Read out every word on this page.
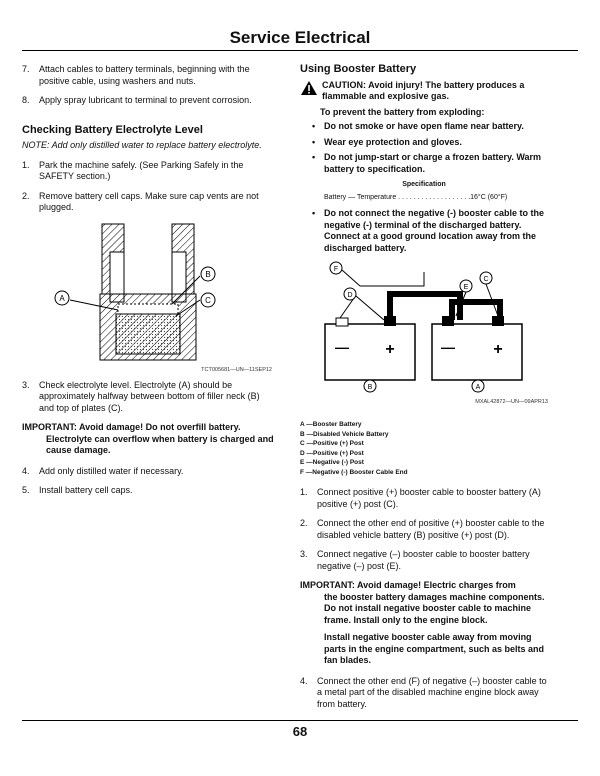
Service Electrical
7.	Attach cables to battery terminals, beginning with the positive cable, using washers and nuts.
8.	Apply spray lubricant to terminal to prevent corrosion.
Checking Battery Electrolyte Level
NOTE: Add only distilled water to replace battery electrolyte.
1.	Park the machine safely. (See Parking Safely in the SAFETY section.)
2.	Remove battery cell caps. Make sure cap vents are not plugged.
A
B
C
TCT005681—UN—11SEP12
3.	Check electrolyte level. Electrolyte (A) should be approximately halfway between bottom of filler neck (B) and top of plates (C).
IMPORTANT: Avoid damage! Do not overfill battery.
Electrolyte can overflow when battery is charged and cause damage.
4.	Add only distilled water if necessary.
5.	Install battery cell caps.
Using Booster Battery
CAUTION: Avoid injury! The battery produces a
flammable and explosive gas.
To prevent the battery from exploding:
• Do not smoke or have open flame near battery.
• Wear eye protection and gloves.
• Do not jump-start or charge a frozen battery. Warm battery to specification.
Specification
Battery — Temperature . . . . . . . . . . . . . . . . . . .16°C (60°F)
• Do not connect the negative (-) booster cable to the negative (-) terminal of the discharged battery. Connect at a good ground location away from the discharged battery.
— +	— +
F
D
E
C
B	A
MXAL42872—UN—09APR13
A —Booster Battery
B —Disabled Vehicle Battery
C —Positive (+) Post
D —Positive (+) Post
E —Negative (-) Post
F —Negative (-) Booster Cable End
1.	Connect positive (+) booster cable to booster battery (A) positive (+) post (C).
2.	Connect the other end of positive (+) booster cable to the disabled vehicle battery (B) positive (+) post (D).
3.	Connect negative (–) booster cable to booster battery negative (–) post (E).
IMPORTANT: Avoid damage! Electric charges from
the booster battery damages machine components. Do not install negative booster cable to machine frame. Install only to the engine block.
Install negative booster cable away from moving parts in the engine compartment, such as belts and fan blades.
4.	Connect the other end (F) of negative (–) booster cable to a metal part of the disabled machine engine block away from battery.
68
